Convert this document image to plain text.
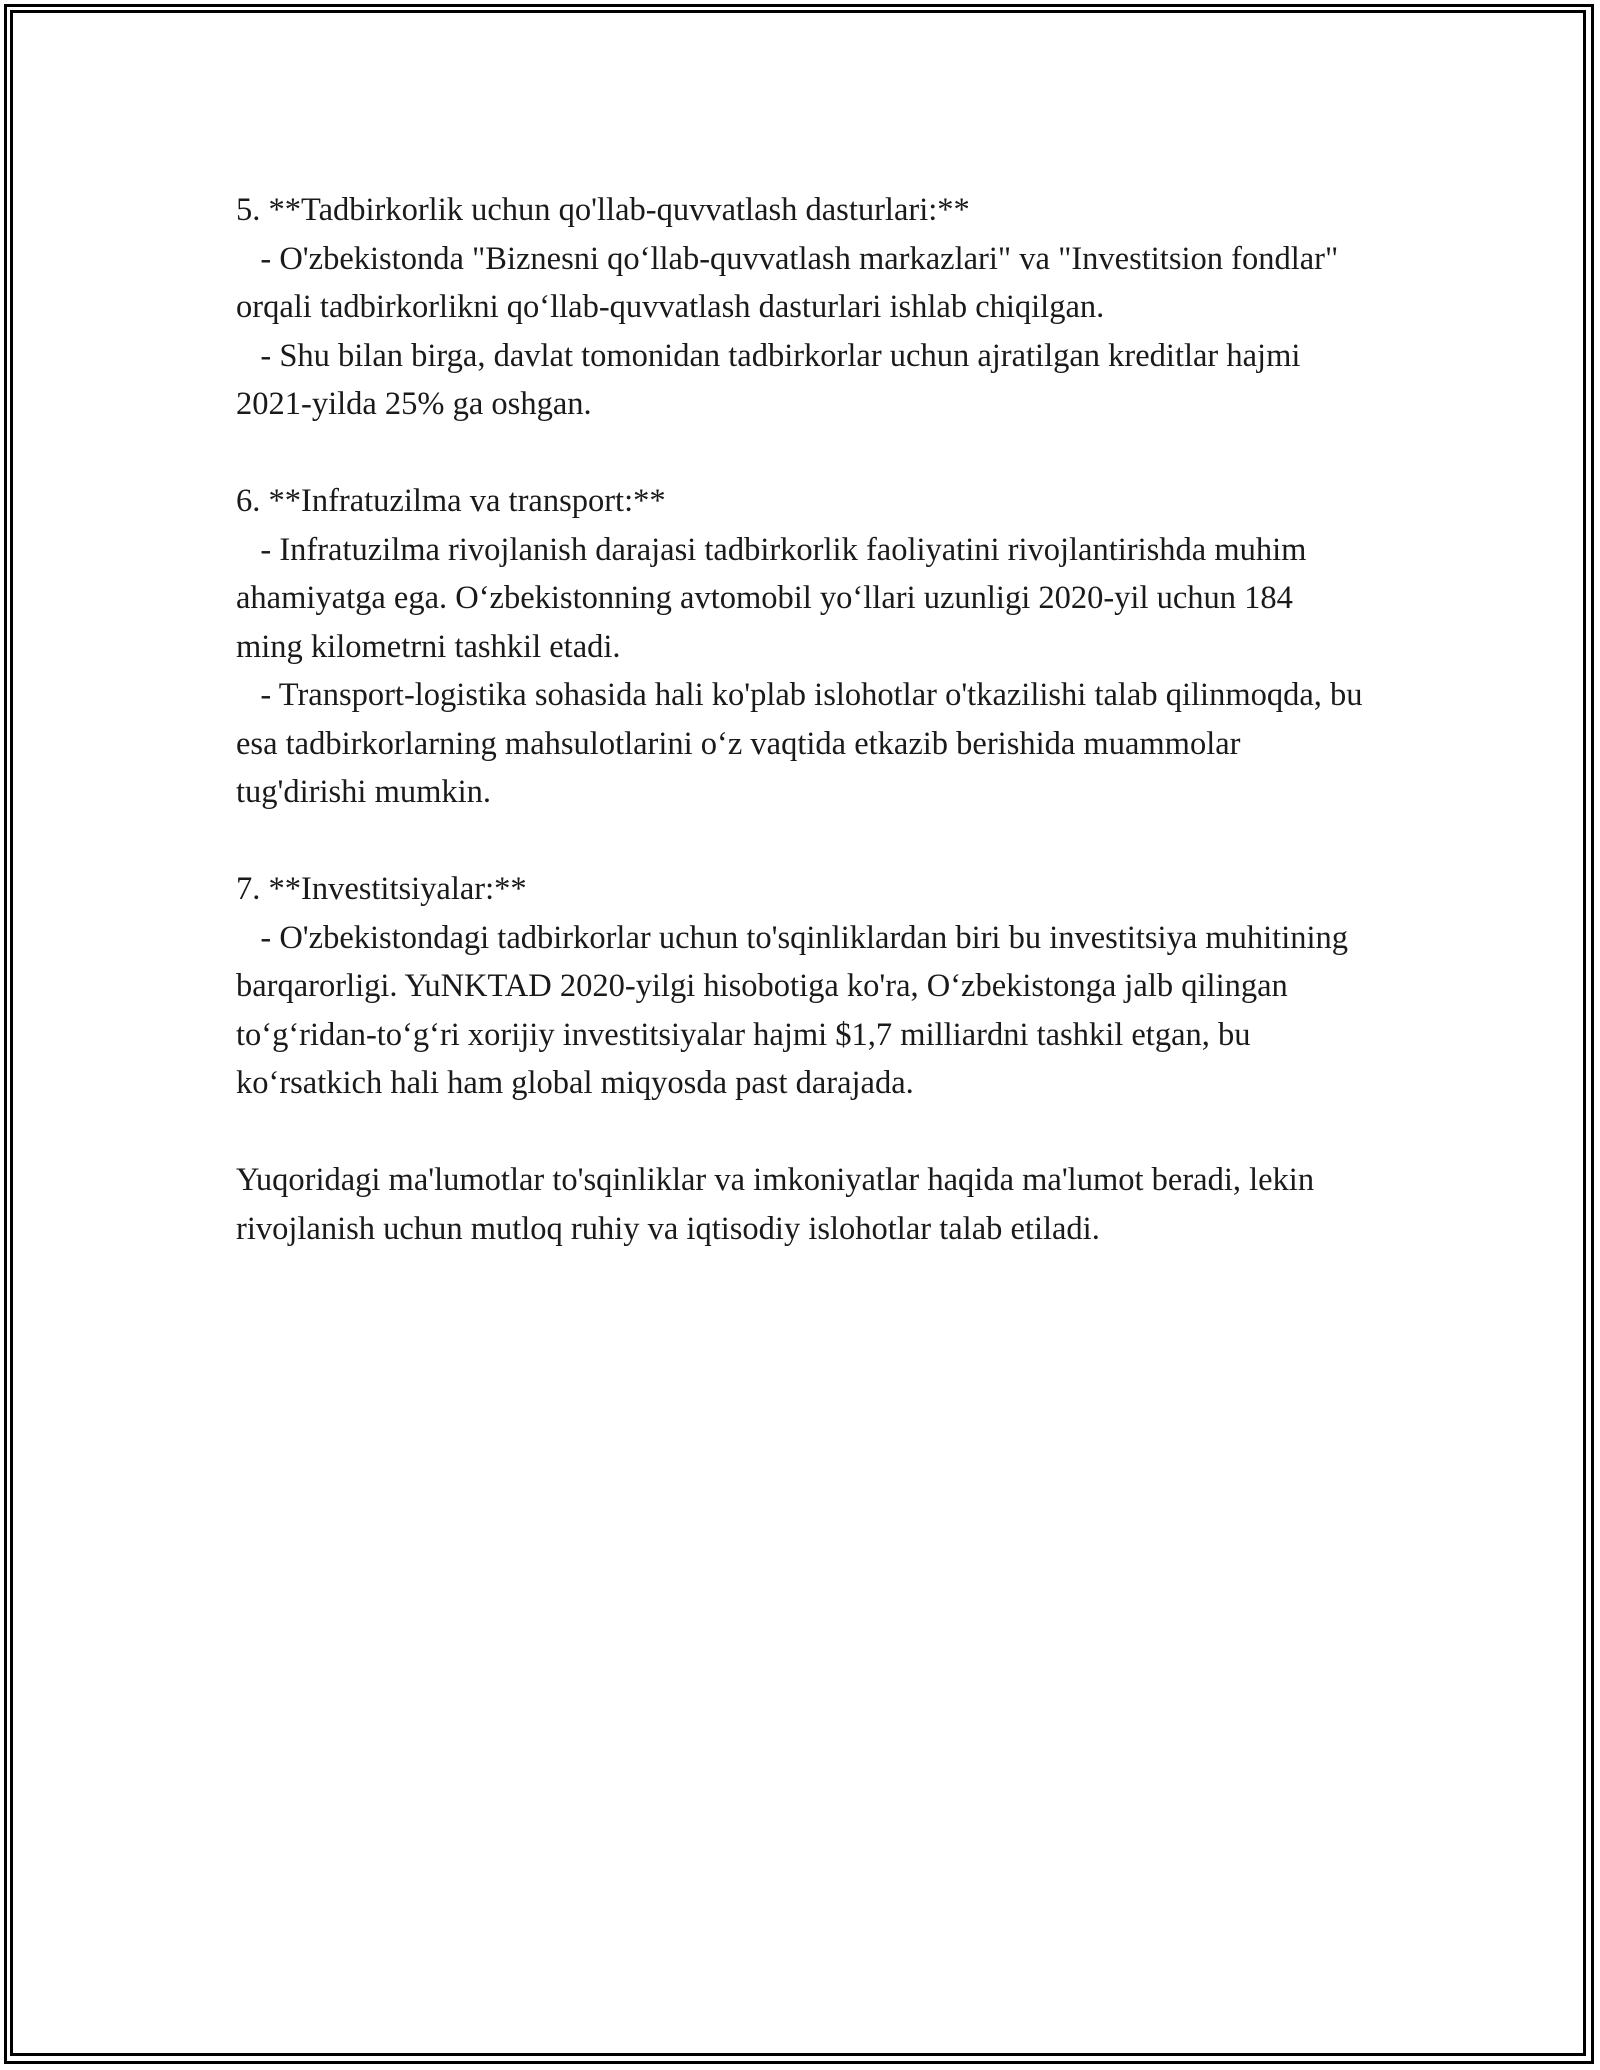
5. **Tadbirkorlik uchun qo'llab-quvvatlash dasturlari:**
- O'zbekistonda "Biznesni qo‘llab-quvvatlash markazlari" va "Investitsion fondlar" orqali tadbirkorlikni qo‘llab-quvvatlash dasturlari ishlab chiqilgan.
- Shu bilan birga, davlat tomonidan tadbirkorlar uchun ajratilgan kreditlar hajmi 2021-yilda 25% ga oshgan.
6. **Infratuzilma va transport:**
- Infratuzilma rivojlanish darajasi tadbirkorlik faoliyatini rivojlantirishda muhim ahamiyatga ega. O‘zbekistonning avtomobil yo‘llari uzunligi 2020-yil uchun 184 ming kilometrni tashkil etadi.
- Transport-logistika sohasida hali ko'plab islohotlar o'tkazilishi talab qilinmoqda, bu esa tadbirkorlarning mahsulotlarini o‘z vaqtida etkazib berishida muammolar tug'dirishi mumkin.
7. **Investitsiyalar:**
- O'zbekistondagi tadbirkorlar uchun to'sqinliklardan biri bu investitsiya muhitining barqarorligi. YuNKTAD 2020-yilgi hisobotiga ko'ra, O‘zbekistonga jalb qilingan to‘g‘ridan-to‘g‘ri xorijiy investitsiyalar hajmi $1,7 milliardni tashkil etgan, bu ko‘rsatkich hali ham global miqyosda past darajada.
Yuqoridagi ma'lumotlar to'sqinliklar va imkoniyatlar haqida ma'lumot beradi, lekin rivojlanish uchun mutloq ruhiy va iqtisodiy islohotlar talab etiladi.
